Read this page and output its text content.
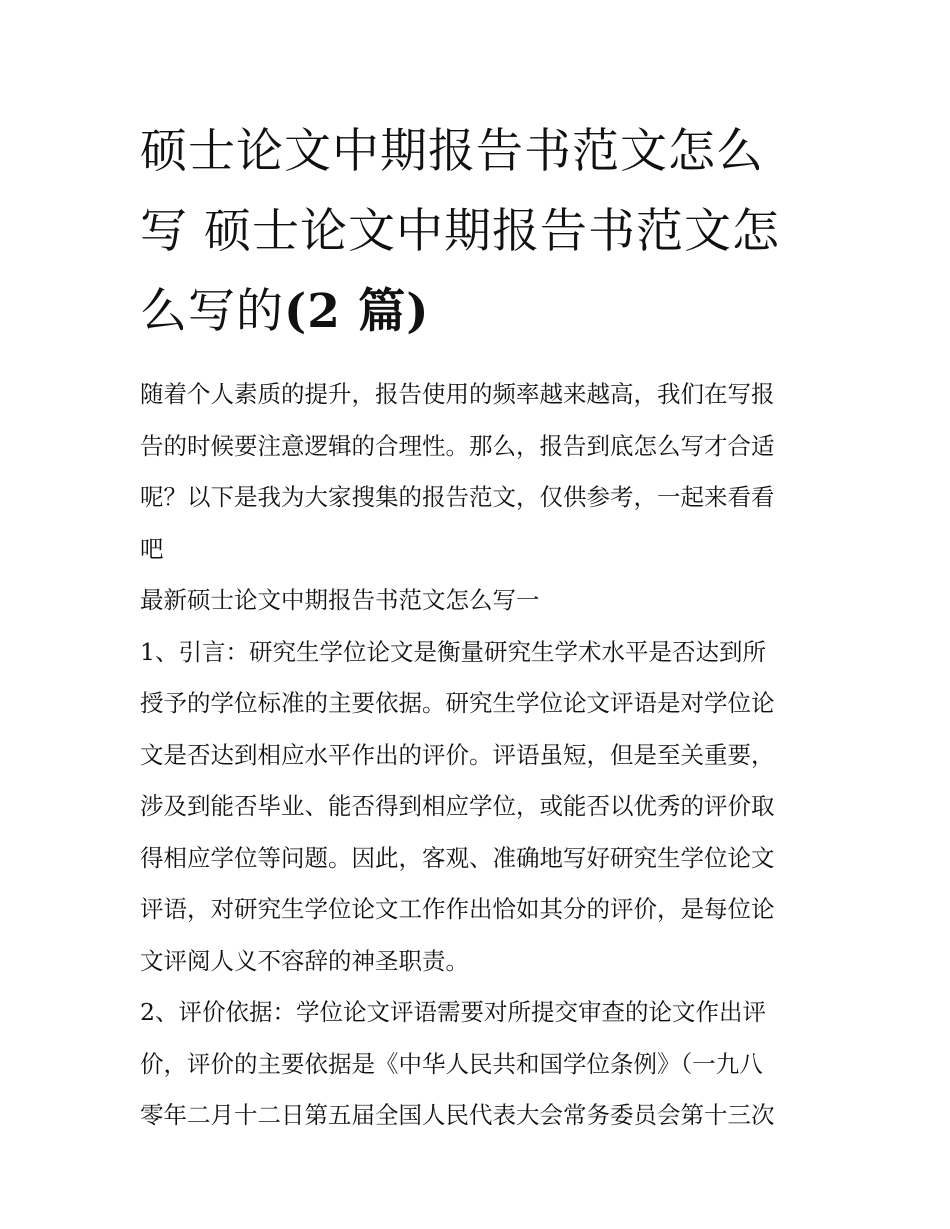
硕士论文中期报告书范文怎么
写 硕士论文中期报告书范文怎
么写的(2 篇)

随着个人素质的提升，报告使用的频率越来越高，我们在写报

告的时候要注意逻辑的合理性。那么，报告到底怎么写才合适

呢？以下是我为大家搜集的报告范文，仅供参考，一起来看看

吧

最新硕士论文中期报告书范文怎么写一

1、引言：研究生学位论文是衡量研究生学术水平是否达到所

授予的学位标准的主要依据。研究生学位论文评语是对学位论

文是否达到相应水平作出的评价。评语虽短，但是至关重要，

涉及到能否毕业、能否得到相应学位，或能否以优秀的评价取

得相应学位等问题。因此，客观、准确地写好研究生学位论文

评语，对研究生学位论文工作作出恰如其分的评价，是每位论

文评阅人义不容辞的神圣职责。

2、评价依据：学位论文评语需要对所提交审查的论文作出评

价，评价的主要依据是《中华人民共和国学位条例》（一九八

零年二月十二日第五届全国人民代表大会常务委员会第十三次
